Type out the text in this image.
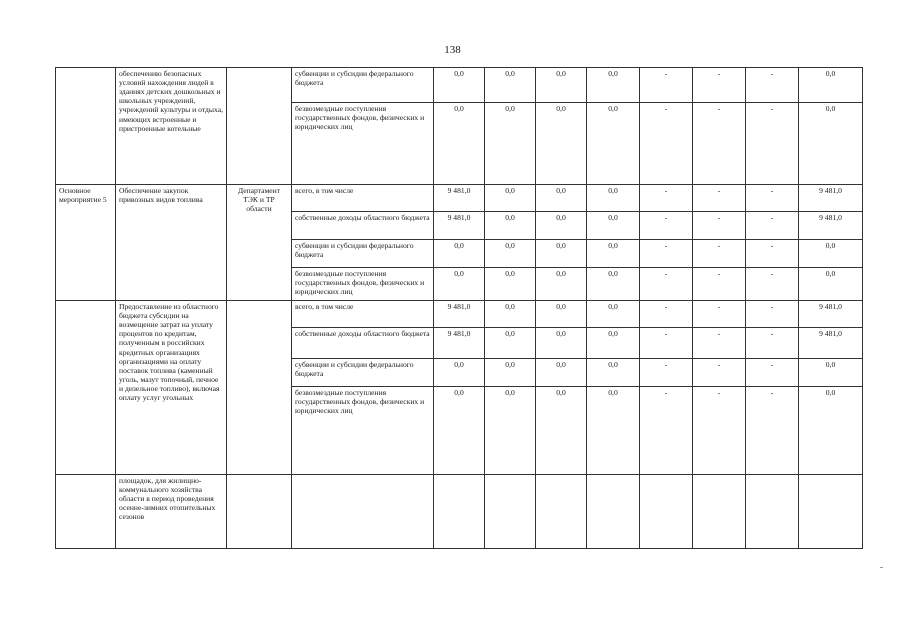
138
	обеспечению безопасных условий нахождения людей в зданиях детских дошкольных и школьных учреждений, учреждений культуры и отдыха, имеющих встроенные и пристроенные котельные		субвенции и субсидии федерального бюджета	0,0	0,0	0,0	0,0	-	-	-	0,0
			безвозмездные поступления государственных фондов, физических и юридических лиц	0,0	0,0	0,0	0,0	-	-	-	0,0
Основное мероприятие 5	Обеспечение закупок привозных видов топлива	Департамент ТЭК и ТР области	всего, в том числе	9 481,0	0,0	0,0	0,0	-	-	-	9 481,0
			собственные доходы областного бюджета	9 481,0	0,0	0,0	0,0	-	-	-	9 481,0
			субвенции и субсидии федерального бюджета	0,0	0,0	0,0	0,0	-	-	-	0,0
			безвозмездные поступления государственных фондов, физических и юридических лиц	0,0	0,0	0,0	0,0	-	-	-	0,0
	Предоставление из областного бюджета субсидии на возмещение затрат на уплату процентов по кредитам, полученным в российских кредитных организациях организациями на оплату поставок топлива (каменный уголь, мазут топочный, печное и дизельное топливо), включая оплату услуг угольных		всего, в том числе	9 481,0	0,0	0,0	0,0	-	-	-	9 481,0
			собственные доходы областного бюджета	9 481,0	0,0	0,0	0,0	-	-	-	9 481,0
			субвенции и субсидии федерального бюджета	0,0	0,0	0,0	0,0	-	-	-	0,0
			безвозмездные поступления государственных фондов, физических и юридических лиц	0,0	0,0	0,0	0,0	-	-	-	0,0
	площадок, для жилищно-коммунального хозяйства области в период проведения осенне-зимних отопительных сезонов										
